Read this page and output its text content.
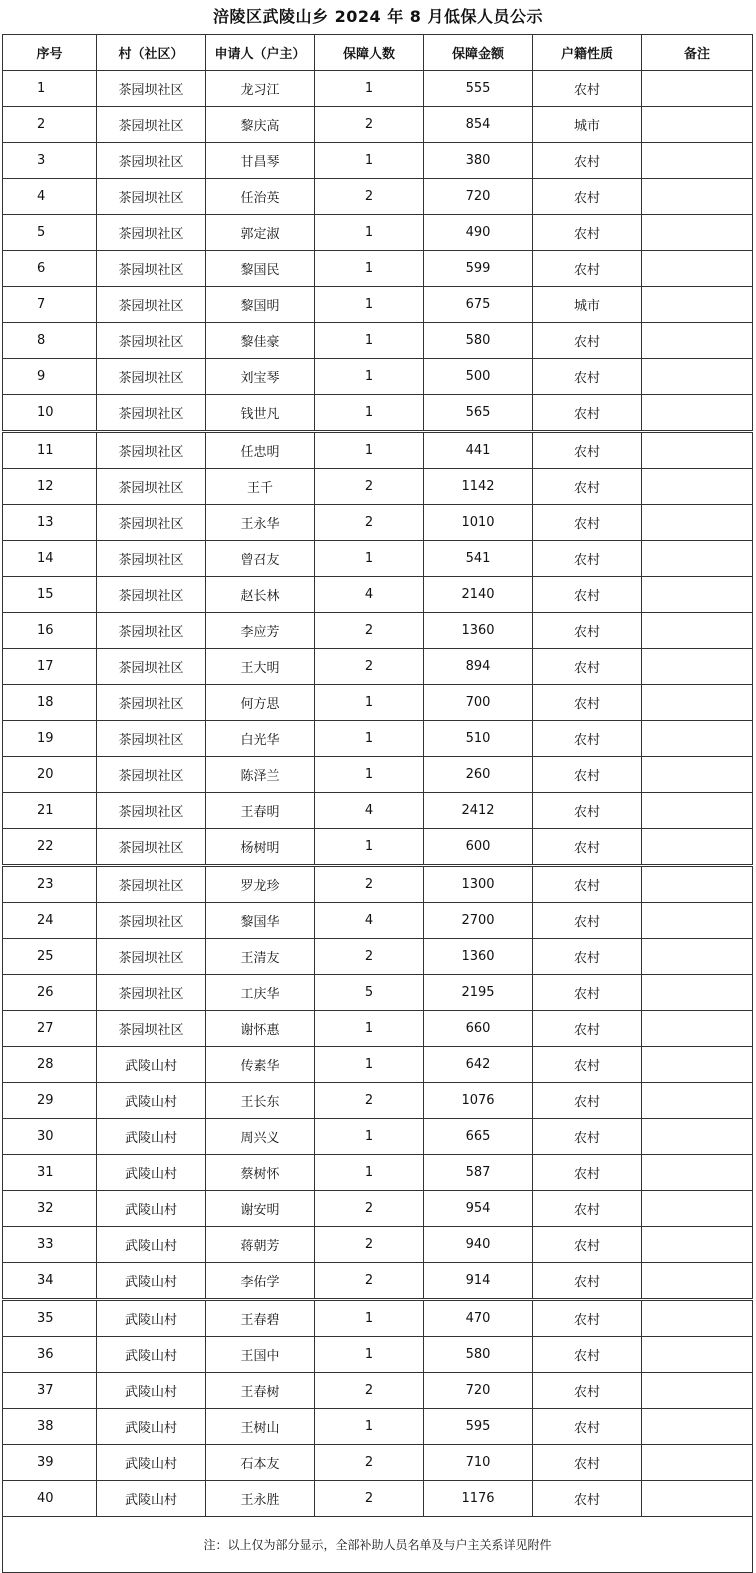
涪陵区武陵山乡 2024 年 8 月低保人员公示
序号	村（社区）	申请人（户主）	保障人数	保障金额	户籍性质	备注
1	茶园坝社区	龙习江	1	555	农村	
2	茶园坝社区	黎庆高	2	854	城市	
3	茶园坝社区	甘昌琴	1	380	农村	
4	茶园坝社区	任治英	2	720	农村	
5	茶园坝社区	郭定淑	1	490	农村	
6	茶园坝社区	黎国民	1	599	农村	
7	茶园坝社区	黎国明	1	675	城市	
8	茶园坝社区	黎佳豪	1	580	农村	
9	茶园坝社区	刘宝琴	1	500	农村	
10	茶园坝社区	钱世凡	1	565	农村	
11	茶园坝社区	任忠明	1	441	农村	
12	茶园坝社区	王千	2	1142	农村	
13	茶园坝社区	王永华	2	1010	农村	
14	茶园坝社区	曾召友	1	541	农村	
15	茶园坝社区	赵长林	4	2140	农村	
16	茶园坝社区	李应芳	2	1360	农村	
17	茶园坝社区	王大明	2	894	农村	
18	茶园坝社区	何方思	1	700	农村	
19	茶园坝社区	白光华	1	510	农村	
20	茶园坝社区	陈泽兰	1	260	农村	
21	茶园坝社区	王春明	4	2412	农村	
22	茶园坝社区	杨树明	1	600	农村	
23	茶园坝社区	罗龙珍	2	1300	农村	
24	茶园坝社区	黎国华	4	2700	农村	
25	茶园坝社区	王清友	2	1360	农村	
26	茶园坝社区	工庆华	5	2195	农村	
27	茶园坝社区	谢怀惠	1	660	农村	
28	武陵山村	传素华	1	642	农村	
29	武陵山村	王长东	2	1076	农村	
30	武陵山村	周兴义	1	665	农村	
31	武陵山村	蔡树怀	1	587	农村	
32	武陵山村	谢安明	2	954	农村	
33	武陵山村	蒋朝芳	2	940	农村	
34	武陵山村	李佑学	2	914	农村	
35	武陵山村	王春碧	1	470	农村	
36	武陵山村	王国中	1	580	农村	
37	武陵山村	王春树	2	720	农村	
38	武陵山村	王树山	1	595	农村	
39	武陵山村	石本友	2	710	农村	
40	武陵山村	王永胜	2	1176	农村	
注：以上仅为部分显示，全部补助人员名单及与户主关系详见附件						
